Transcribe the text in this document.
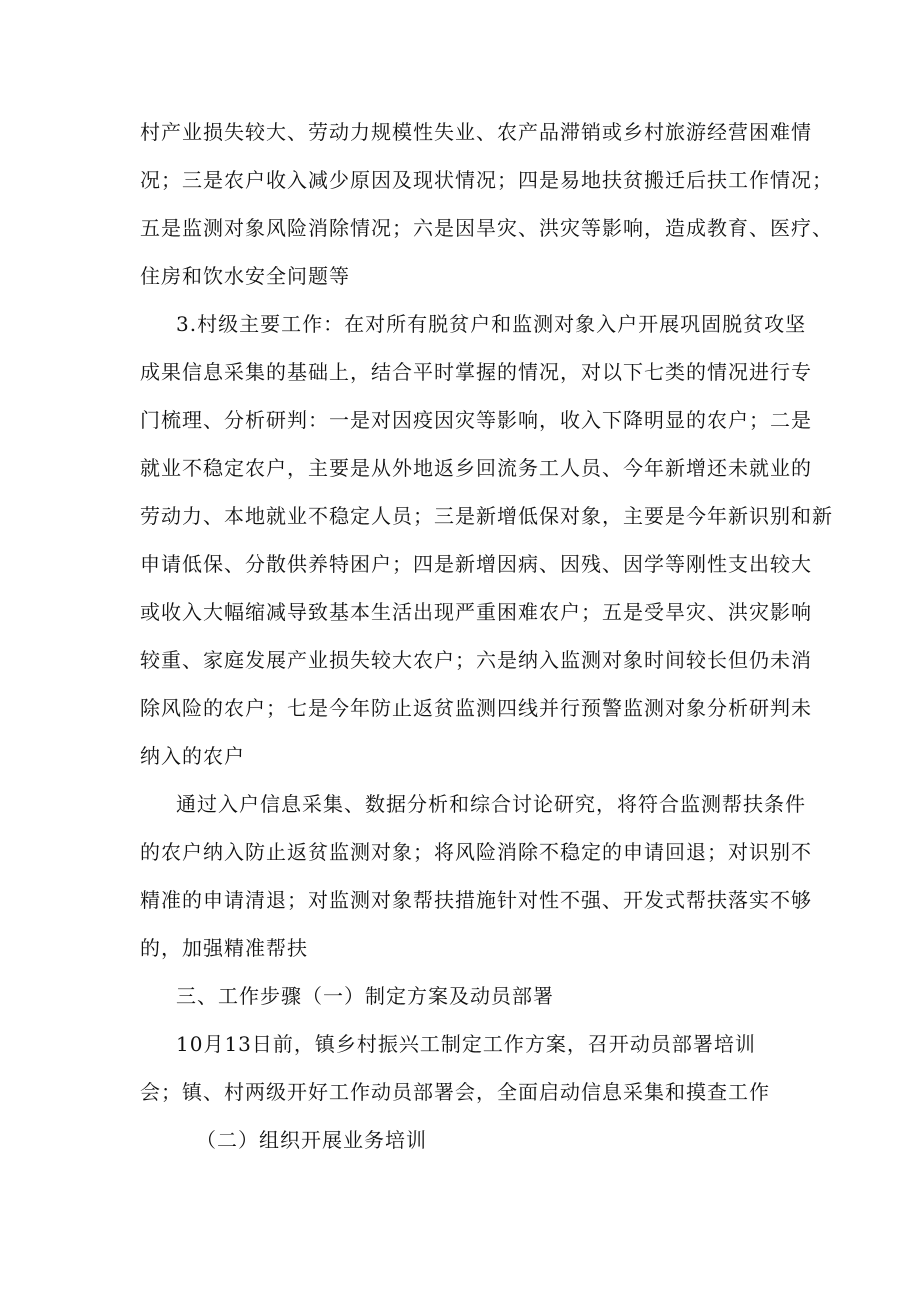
村产业损失较大、劳动力规模性失业、农产品滞销或乡村旅游经营困难情
况；三是农户收入减少原因及现状情况；四是易地扶贫搬迁后扶工作情况；
五是监测对象风险消除情况；六是因旱灾、洪灾等影响，造成教育、医疗、
住房和饮水安全问题等
3.村级主要工作：在对所有脱贫户和监测对象入户开展巩固脱贫攻坚
成果信息采集的基础上，结合平时掌握的情况，对以下七类的情况进行专
门梳理、分析研判：一是对因疫因灾等影响，收入下降明显的农户；二是
就业不稳定农户，主要是从外地返乡回流务工人员、今年新增还未就业的
劳动力、本地就业不稳定人员；三是新增低保对象，主要是今年新识别和新
申请低保、分散供养特困户；四是新增因病、因残、因学等刚性支出较大
或收入大幅缩减导致基本生活出现严重困难农户；五是受旱灾、洪灾影响
较重、家庭发展产业损失较大农户；六是纳入监测对象时间较长但仍未消
除风险的农户；七是今年防止返贫监测四线并行预警监测对象分析研判未
纳入的农户
通过入户信息采集、数据分析和综合讨论研究，将符合监测帮扶条件
的农户纳入防止返贫监测对象；将风险消除不稳定的申请回退；对识别不
精准的申请清退；对监测对象帮扶措施针对性不强、开发式帮扶落实不够
的，加强精准帮扶
三、工作步骤（一）制定方案及动员部署
10月13日前，镇乡村振兴工制定工作方案，召开动员部署培训
会；镇、村两级开好工作动员部署会，全面启动信息采集和摸查工作
（二）组织开展业务培训
